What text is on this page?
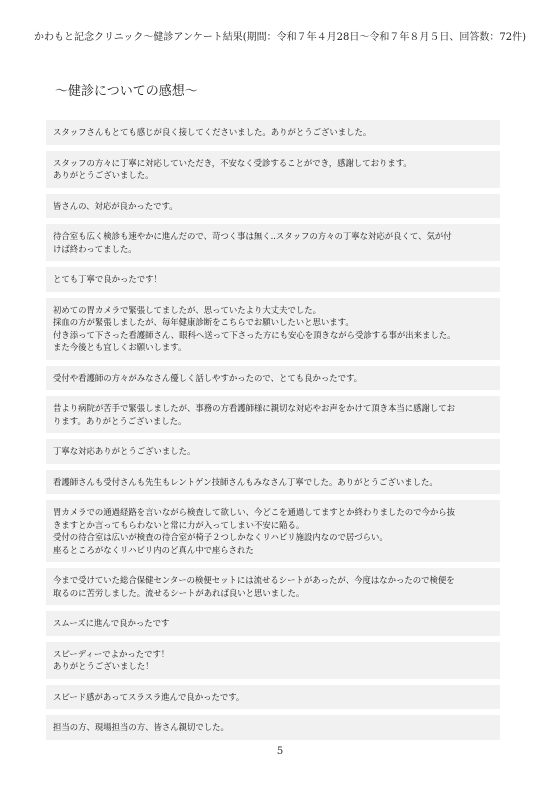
かわもと記念クリニック〜健診アンケート結果(期間：令和７年４月28日〜令和７年８月５日、回答数：72件)
〜健診についての感想〜
スタッフさんもとても感じが良く接してくださいました。ありがとうございました。
スタッフの方々に丁寧に対応していただき，不安なく受診することができ，感謝しております。
ありがとうございました。
皆さんの、対応が良かったです。
待合室も広く検診も速やかに進んだので、苛つく事は無く..スタッフの方々の丁寧な対応が良くて、気が付
けば終わってました。
とても丁寧で良かったです！
初めての胃カメラで緊張してましたが、思っていたより大丈夫でした。
採血の方が緊張しましたが、毎年健康診断をこちらでお願いしたいと思います。
付き添って下さった看護師さん、眼科へ送って下さった方にも安心を頂きながら受診する事が出来ました。
また今後とも宜しくお願いします。
受付や看護師の方々がみなさん優しく話しやすかったので、とても良かったです。
昔より病院が苦手で緊張しましたが、事務の方看護師様に親切な対応やお声をかけて頂き本当に感謝してお
ります。ありがとうございました。
丁寧な対応ありがとうございました。
看護師さんも受付さんも先生もレントゲン技師さんもみなさん丁寧でした。ありがとうございました。
胃カメラでの通過経路を言いながら検査して欲しい、今どこを通過してますとか終わりましたので今から抜
きますとか言ってもらわないと常に力が入ってしまい不安に陥る。
受付の待合室は広いが検査の待合室が椅子２つしかなくリハビリ施設内なので居づらい。
座るところがなくリハビリ内のど真ん中で座らされた
今まで受けていた総合保健センターの検便セットには流せるシートがあったが、今度はなかったので検便を
取るのに苦労しました。流せるシートがあれば良いと思いました。
スムーズに進んで良かったです
スピーディーでよかったです！
ありがとうございました！
スピード感があってスラスラ進んで良かったです。
担当の方、現場担当の方、皆さん親切でした。
5
